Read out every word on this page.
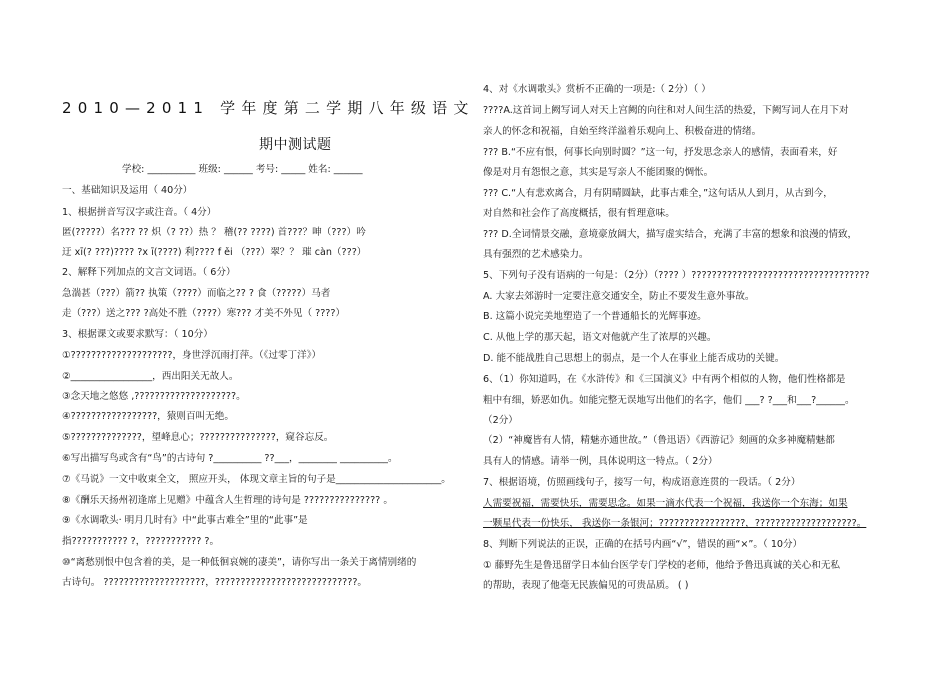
2010—2011 学年度第二学期八年级语文
期中测试题
学校: __________ 班级: ______ 考号: _____ 姓名: ______
一、基础知识及运用（ 40分）
1、根据拼音写汉字或注音。（ 4分）
匿(?????）名??? ?? 炽（? ??）热 ？ 稽(?? ????) 首???？呻（???）吟
迂 xī(? ???)???? ?x ī(????) 利???? f ěi （???）翠？？ 璀 càn（???）
2、解释下列加点的文言文词语。（ 6分）
急湍甚（???）箭?? 执策（????）而临之?? ? 食（?????）马者
走（???）送之??? ?高处不胜（????）寒??? 才美不外见（ ????）
3、根据课文或要求默写：（ 10分）
①????????????????????，身世浮沉雨打萍。（《过零丁洋》）
②_________________，西出阳关无故人。
③念天地之悠悠 ,????????????????????。
④?????????????????，猿则百叫无绝。
⑤??????????????，望峰息心；???????????????，窥谷忘反。
⑥写出描写鸟或含有“鸟”的古诗句 ?__________ ??___，________ __________。
⑦《马说》一文中收束全文， 照应开头， 体现文章主旨的句子是______________________。
⑧《酬乐天扬州初逢席上见赠》中蕴含人生哲理的诗句是 ??????????????? 。
⑨《水调歌头· 明月几时有》中“此事古难全”里的“此事”是
指??????????? ?，??????????? ?。
⑩“离愁别恨中包含着的美，是一种低徊哀婉的凄美”，请你写出一条关于离情别绪的
古诗句。 ????????????????????，????????????????????????????。
4、对《水调歌头》赏析不正确的一项是:（ 2分）（ ）
????A.这首词上阙写词人对天上宫阙的向往和对人间生活的热爱，下阙写词人在月下对
亲人的怀念和祝福，自始至终洋溢着乐观向上、积极奋进的情绪。
??? B.“不应有恨，何事长向别时圆？”这一句，抒发思念亲人的感情，表面看来，好
像是对月有怨恨之意，其实是写亲人不能团聚的惆怅。
??? C.“人有悲欢离合，月有阴晴圆缺，此事古难全，”这句话从人到月，从古到今，
对自然和社会作了高度概括，很有哲理意味。
??? D.全词情景交融，意境豪放阔大，描写虚实结合，充满了丰富的想象和浪漫的情致，
具有强烈的艺术感染力。
5、下列句子没有语病的一句是：（2分）（???? ）???????????????????????????????????
A. 大家去郊游时一定要注意交通安全，防止不要发生意外事故。
B. 这篇小说完美地塑造了一个普通船长的光辉事迹。
C. 从他上学的那天起，语文对他就产生了浓厚的兴趣。
D. 能不能战胜自己思想上的弱点，是一个人在事业上能否成功的关键。
6、（1）你知道吗，在《水浒传》和《三国演义》中有两个相似的人物，他们性格都是
粗中有细，娇恶如仇。如能完整无误地写出他们的名字，他们 ___? ?___和___?______。
（2分）
（2）“神魔皆有人情，精魅亦通世故。”（鲁迅语）《西游记》刻画的众多神魔精魅都
具有人的情感。请举一例，具体说明这一特点。（ 2分）
7、根据语境，仿照画线句子，接写一句，构成语意连贯的一段话。（ 2分）
人需要祝福，需要快乐，需要思念。如果一滴水代表一个祝福，我送你一个东海；如果
一颗星代表一份快乐， 我送你一条银河；?????????????????，????????????????????。
8、判断下列说法的正误，正确的在括号内画“√”，错误的画“×”。（ 10分）
① 藤野先生是鲁迅留学日本仙台医学专门学校的老师，他给予鲁迅真诚的关心和无私
的帮助，表现了他毫无民族偏见的可贵品质。 ( )
